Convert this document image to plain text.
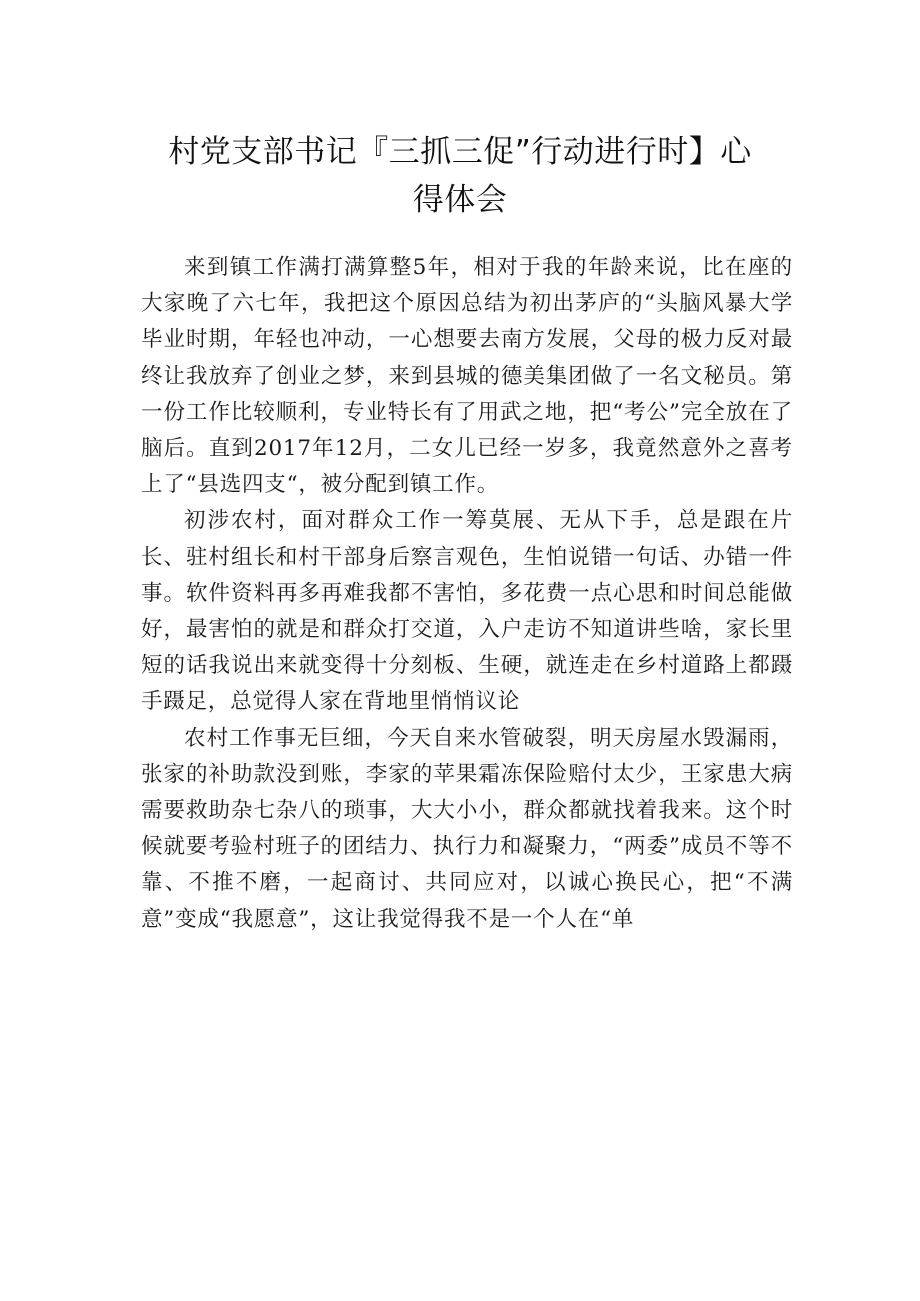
村党支部书记『三抓三促”行动进行时】心
得体会

来到镇工作满打满算整5年，相对于我的年龄来说，比在座的大家晚了六七年，我把这个原因总结为初出茅庐的“头脑风暴大学毕业时期，年轻也冲动，一心想要去南方发展，父母的极力反对最终让我放弃了创业之梦，来到县城的德美集团做了一名文秘员。第一份工作比较顺利，专业特长有了用武之地，把“考公”完全放在了脑后。直到2017年12月，二女儿已经一岁多，我竟然意外之喜考上了“县选四支“，被分配到镇工作。

初涉农村，面对群众工作一筹莫展、无从下手，总是跟在片长、驻村组长和村干部身后察言观色，生怕说错一句话、办错一件事。软件资料再多再难我都不害怕，多花费一点心思和时间总能做好，最害怕的就是和群众打交道，入户走访不知道讲些啥，家长里短的话我说出来就变得十分刻板、生硬，就连走在乡村道路上都蹑手蹑足，总觉得人家在背地里悄悄议论

农村工作事无巨细，今天自来水管破裂，明天房屋水毁漏雨，张家的补助款没到账，李家的苹果霜冻保险赔付太少，王家患大病需要救助杂七杂八的琐事，大大小小，群众都就找着我来。这个时候就要考验村班子的团结力、执行力和凝聚力，“两委”成员不等不靠、不推不磨，一起商讨、共同应对，以诚心换民心，把“不满意”变成“我愿意”，这让我觉得我不是一个人在“单
